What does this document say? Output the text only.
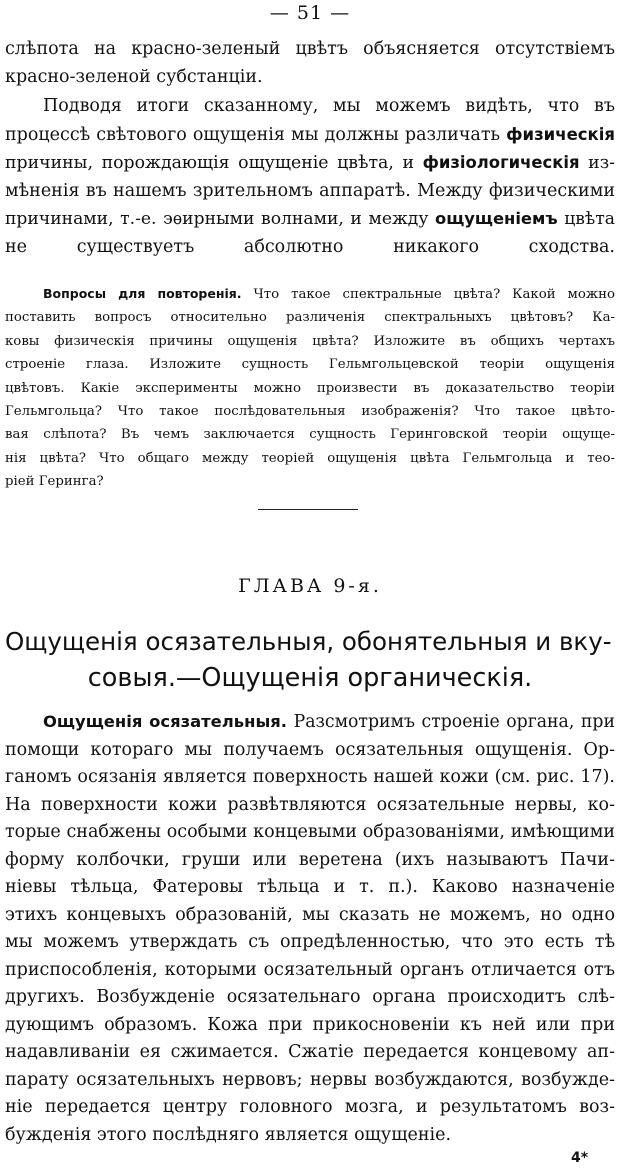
— 51 —
слѣпота на красно-зеленый цвѣтъ объясняется отсутствіемъ
красно-зеленой субстанціи.
Подводя итоги сказанному, мы можемъ видѣть, что въ
процессѣ свѣтового ощущенія мы должны различать физическія
причины, порождающія ощущеніе цвѣта, и физіологическія из-
мѣненія въ нашемъ зрительномъ аппаратѣ. Между физическими
причинами, т.-е. эѳирными волнами, и между ощущеніемъ цвѣта
не существуетъ абсолютно никакого сходства.
Вопросы для повторенія. Что такое спектральные цвѣта? Какой можно
поставить вопросъ относительно различенія спектральныхъ цвѣтовъ? Ка-
ковы физическія причины ощущенія цвѣта? Изложите въ общихъ чертахъ
строеніе глаза. Изложите сущность Гельмгольцевской теоріи ощущенія
цвѣтовъ. Какіе эксперименты можно произвести въ доказательство теоріи
Гельмгольца? Что такое послѣдовательныя изображенія? Что такое цвѣто-
вая слѣпота? Въ чемъ заключается сущность Геринговской теоріи ощуще-
нія цвѣта? Что общаго между теоріей ощущенія цвѣта Гельмгольца и тео-
ріей Геринга?
ГЛАВА 9-я.
Ощущенія осязательныя, обонятельныя и вку-
совыя.—Ощущенія органическія.
Ощущенія осязательныя. Разсмотримъ строеніе органа, при
помощи котораго мы получаемъ осязательныя ощущенія. Ор-
ганомъ осязанія является поверхность нашей кожи (см. рис. 17).
На поверхности кожи развѣтвляются осязательные нервы, ко-
торые снабжены особыми концевыми образованіями, имѣющими
форму колбочки, груши или веретена (ихъ называютъ Пачи-
ніевы тѣльца, Фатеровы тѣльца и т. п.). Каково назначеніе
этихъ концевыхъ образованій, мы сказать не можемъ, но одно
мы можемъ утверждать съ опредѣленностью, что это есть тѣ
приспособленія, которыми осязательный органъ отличается отъ
другихъ. Возбужденіе осязательнаго органа происходитъ слѣ-
дующимъ образомъ. Кожа при прикосновеніи къ ней или при
надавливаніи ея сжимается. Сжатіе передается концевому ап-
парату осязательныхъ нервовъ; нервы возбуждаются, возбужде-
ніе передается центру головного мозга, и результатомъ воз-
бужденія этого послѣдняго является ощущеніе.
4*
